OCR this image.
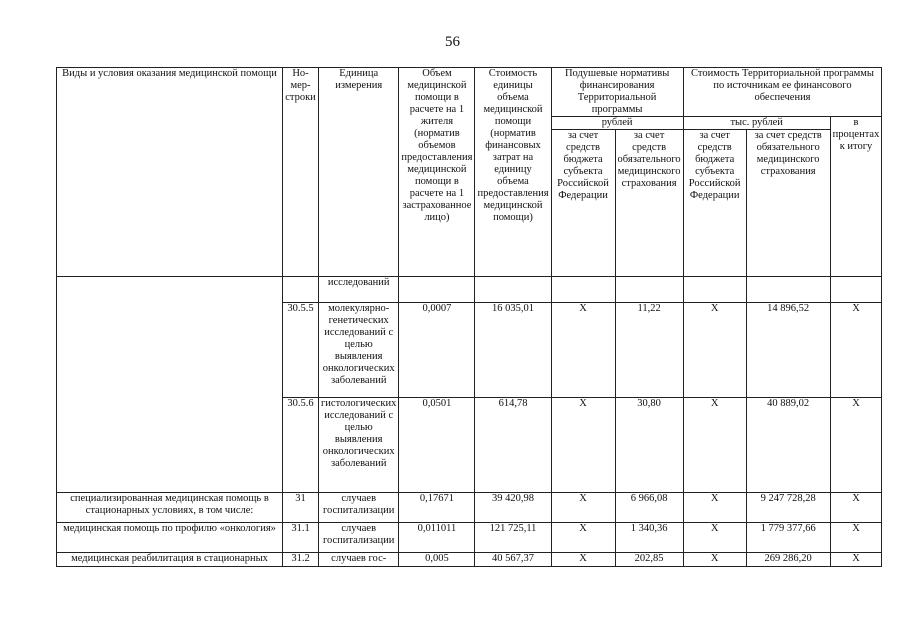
56
Виды и условия оказания медицинской помощи	Но-мер-строки	Единица измерения	Объем медицинской помощи в расчете на 1 жителя (норматив объемов предоставления медицинской помощи в расчете на 1 застрахованное лицо)	Стоимость единицы объема медицинской помощи (норматив финансовых затрат на единицу объема предоставления медицинской помощи)	Подушевые нормативы финансирования Территориальной программы		Стоимость Территориальной программы по источникам ее финансового обеспечения		
					рублей		тыс. рублей		в процентах к итогу
					за счет средств бюджета субъекта Российской Федерации	за счет средств обязательного медицинского страхования	за счет средств бюджета субъекта Российской Федерации	за счет средств обязательного медицинского страхования	
		исследований							
	30.5.5	молекулярно-генетических исследований с целью выявления онкологических заболеваний	0,0007	16 035,01	Х	11,22	Х	14 896,52	Х
	30.5.6	гистологических исследований с целью выявления онкологических заболеваний	0,0501	614,78	Х	30,80	Х	40 889,02	Х
специализированная медицинская помощь в стационарных условиях, в том числе:	31	случаев госпитализации	0,17671	39 420,98	Х	6 966,08	Х	9 247 728,28	Х
медицинская помощь по профилю «онкология»	31.1	случаев госпитализации	0,011011	121 725,11	Х	1 340,36	Х	1 779 377,66	Х
медицинская реабилитация в стационарных	31.2	случаев гос-	0,005	40 567,37	Х	202,85	Х	269 286,20	Х
